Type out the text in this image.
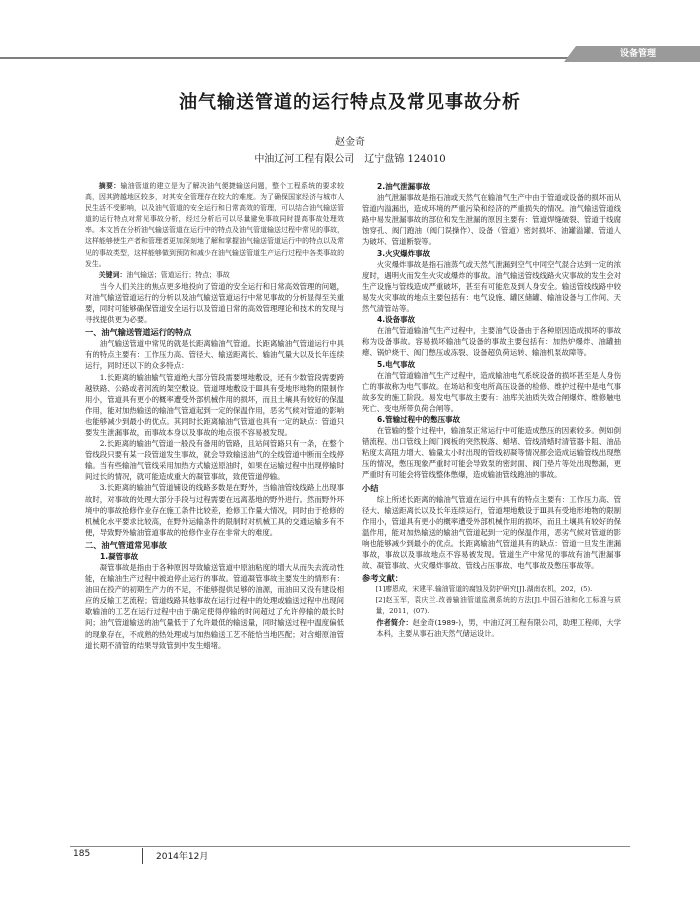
设备管理
油气输送管道的运行特点及常见事故分析
赵金奇
中油辽河工程有限公司　辽宁盘锦 124010

摘要：输油管道的建立是为了解决油气便捷输送问题，整个工程系统的要求较高，因其跨越地区较多，对其安全管理存在较大的难度。为了确保国家经济与城市人民生活不受影响，以及油气管道的安全运行和日常高效的管理，可以结合油气输送管道的运行特点对常见事故分析，经过分析后可以尽量避免事故同时提高事故处理效率。本文旨在分析油气输送管道在运行中的特点及油气管道输送过程中常见的事故，这样能够使生产者和管理者更加深刻地了解和掌握油气输送管道运行中的特点以及常见的事故类型，这样能够做到预防和减少在油气输送管道生产运行过程中各类事故的发生。

关键词：油气输送；管道运行；特点；事故

当今人们关注的焦点更多地投向了管道的安全运行和日常高效管理的问题，对油气输送管道运行的分析以及油气输送管道运行中常见事故的分析显得至关重要，同时可能够确保管道安全运行以及管道日常的高效管理理论和技术的发现与寻找提供更为必要。

一、油气输送管道运行的特点

油气输送管道中常见的就是长距离输油气管道。长距离输油气管道运行中具有的特点主要有：工作压力高、管径大、输送距离长、输油气量大以及长年连续运行，同时还以下的众多特点：

1.长距离的输油输气管道绝大部分管段需要埋地敷设，还有少数管段需要跨越铁路、公路或者河流的架空敷设。管道埋地敷设于Ⅲ具有受地形地物的限制作用小，管道具有更小的概率遭受外部机械作用的损坏，而且土壤具有较好的保温作用，能对加热输送的输油气管道起到一定的保温作用，恶劣气候对管道的影响也能够减少到最小的优点。其同时长距离输油气管道也具有一定的缺点：管道只要发生泄漏事故，而事故本身以及事故的地点很不容易被发现。

2.长距离的输油气管道一般没有备用的管路，且站间管路只有一条，在整个管线段只要有某一段管道发生事故，就会导致输送油气的全线管道中断而全线停输。当有些输油气管线采用加热方式输送原油时，如果在运输过程中出现停输时间过长的情况，就可能造成重大的凝管事故，致使管道停输。

3.长距离的输油气管道铺设的线路多数是在野外，当输油管线线路上出现事故时，对事故的处理大部分手段与过程需要在远离基地的野外进行。然而野外环境中的事故抢修作业存在施工条件比较差，抢修工作量大情况，同时由于抢修的机械化水平要求比较高，在野外运输条件的限制时对机械工具的交通运输多有不便，导致野外输油管道事故的抢修作业存在非常大的难度。

二、油气管道常见事故

1.凝管事故

凝管事故是指由于各种原因导致输送管道中原油粘度的增大从而失去流动性能，在输油生产过程中被迫停止运行的事故。管道凝管事故主要发生的情形有：油田在投产的初期生产力的不足，不能够提供足够的油源，而油田又没有建设相应的反输工艺流程；管道线路其他事故在运行过程中的处理或输送过程中出现间歇输油的工艺在运行过程中由于确定使得停输的时间超过了允许停输的最长时间；油气管道输送的油气量低于了允许最低的输送量，同时输送过程中温度偏低的现象存在，不成熟的热处理或与加热输送工艺不能恰当地匹配；对含蜡原油管道长期不清管的结果导致管到中发生蜡堵。

2.油气泄漏事故

油气泄漏事故是指石油或天然气在输油气生产中由于管道或设备的损坏而从管道内溢漏出，造成环境的严重污染和经济的严重损失的情况。油气输送管道线路中易发泄漏事故的部位和发生泄漏的原因主要有：管道焊缝破裂、管道于线腐蚀穿孔、阀门跑油（阀门误操作）、设备（管道）密封损坏、油罐溢罐、管道人为破坏、管道断裂等。

3.火灾爆炸事故

火灾爆炸事故是指石油蒸气或天然气泄漏到空气中同空气混合达到一定的浓度时，遇明火而发生火灾或爆炸的事故。油气输送管线线路火灾事故的发生会对生产设施与管线造成严重破坏，甚至有可能危及到人身安全。输送管线线路中较易发火灾事故的地点主要包括有：电气设施、罐区储罐、输油设备与工作间、天然气清管站等。

4.设备事故

在油气管道输油气生产过程中，主要油气设备由于各种原因造成损坏的事故称为设备事故。容易损坏输油气设备的事故主要包括有：加热炉爆炸、油罐抽瘪、锅炉烧干、阀门憋压或冻裂、设备超负荷运转、输油机泵故障等。

5.电气事故

在油气管道输油气生产过程中，造成输油电气系统设备的损坏甚至是人身伤亡的事故称为电气事故。在场站和变电所高压设备的检修、维护过程中是电气事故多发的施工阶段。易发电气事故主要有：油库关油质失效合闸爆炸、维修触电死亡、变电所带负荷合闸等。

6.管输过程中的憋压事故

在管输的整个过程中，输油泵正常运行中可能造成憋压的因素较多。例如倒错流程、出口管线上阀门阀板的突然脱落、蜡堵、管线清蜡时清管器卡阻、油品粘度太高阻力增大、输量太小时出现的管线初凝等情况都会造成运输管线出现憋压的情况，憋压现象严重时可能会导致泵的密封面、阀门垫片等处出现憋漏，更严重时有可能会将管线整体憋爆，造成输油管线跑油的事故。

小结

综上所述长距离的输油气管道在运行中具有的特点主要有：工作压力高、管径大、输送距离长以及长年连续运行，管道埋地敷设于Ⅲ具有受地形地物的限制作用小，管道具有更小的概率遭受外部机械作用的损坏，而且土壤具有较好的保温作用，能对加热输送的输油气管道起到一定的保温作用，恶劣气候对管道的影响也能够减少到最小的优点。长距离输油气管道具有的缺点：管道一旦发生泄漏事故，事故以及事故地点不容易被发现。管道生产中常见的事故有油气泄漏事故、凝管事故、火灾爆炸事故、管线占压事故、电气事故及憋压事故等。

参考文献：

[1]廖恩成，宋建平.输油管道的腐蚀及防护研究[J].湖南农机，202，(5).

[2]赵玉军，袁庆兰.改善输油管道监测系统的方法[J].中国石油和化工标准与质量，2011，(07).

作者简介：赵金奇(1989-)，男，中油辽河工程有限公司，助理工程师，大学本科，主要从事石油天然气储运设计。

185	2014年12月
